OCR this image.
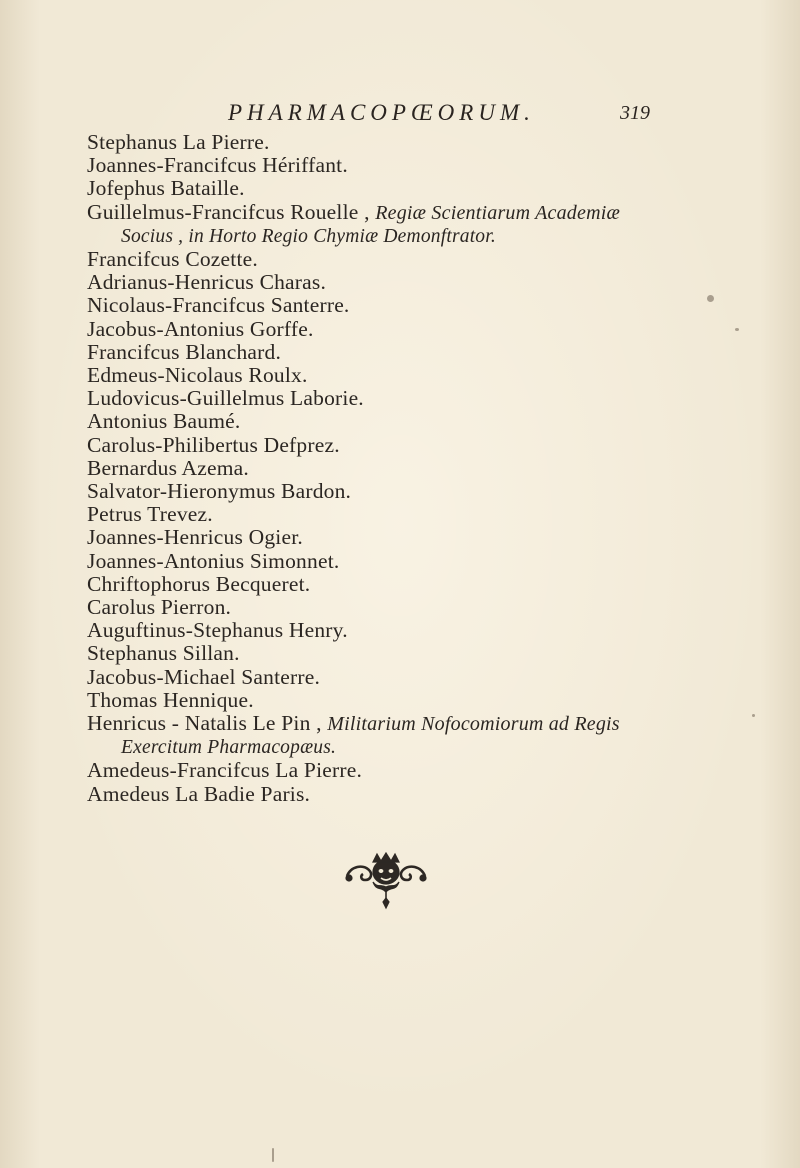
PHARMACOPŒORUM.	319
Stephanus La Pierre.
Joannes-Francifcus Hériffant.
Jofephus Bataille.
Guillelmus-Francifcus Rouelle , Regiæ Scientiarum Academiæ
Socius , in Horto Regio Chymiæ Demonftrator.
Francifcus Cozette.
Adrianus-Henricus Charas.
Nicolaus-Francifcus Santerre.
Jacobus-Antonius Gorffe.
Francifcus Blanchard.
Edmeus-Nicolaus Roulx.
Ludovicus-Guillelmus Laborie.
Antonius Baumé.
Carolus-Philibertus Defprez.
Bernardus Azema.
Salvator-Hieronymus Bardon.
Petrus Trevez.
Joannes-Henricus Ogier.
Joannes-Antonius Simonnet.
Chriftophorus Becqueret.
Carolus Pierron.
Auguftinus-Stephanus Henry.
Stephanus Sillan.
Jacobus-Michael Santerre.
Thomas Hennique.
Henricus - Natalis Le Pin , Militarium Nofocomiorum ad Regis
Exercitum Pharmacopæus.
Amedeus-Francifcus La Pierre.
Amedeus La Badie Paris.
